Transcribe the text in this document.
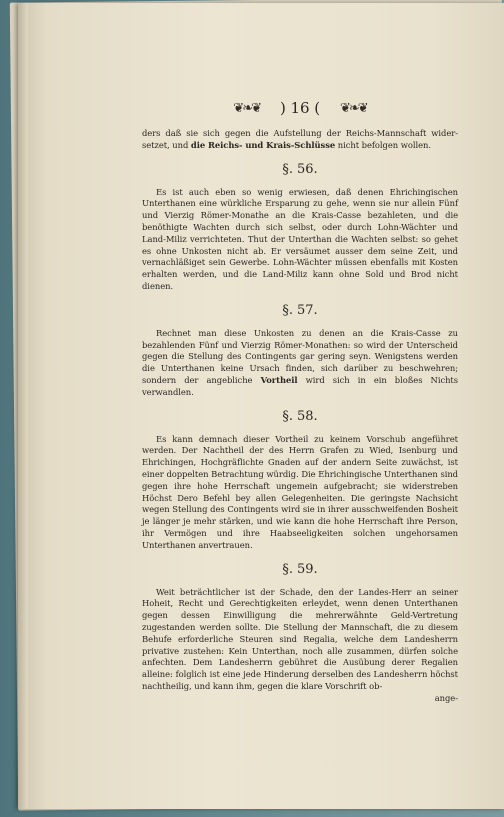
❦❧❦ ) 16 ( ❦❧❦

ders daß sie sich gegen die Aufstellung der Reichs-Mannschaft wider-setzet, und die Reichs- und Krais-Schlüsse nicht befolgen wollen.

§. 56.

Es ist auch eben so wenig erwiesen, daß denen Ehrichingischen Unterthanen eine würkliche Ersparung zu gehe, wenn sie nur allein Fünf und Vierzig Römer-Monathe an die Krais-Casse bezahleten, und die benöthigte Wachten durch sich selbst, oder durch Lohn-Wächter und Land-Miliz verrichteten. Thut der Unterthan die Wachten selbst: so gehet es ohne Unkosten nicht ab. Er versäumet ausser dem seine Zeit, und vernachläßiget sein Gewerbe. Lohn-Wächter müssen ebenfalls mit Kosten erhalten werden, und die Land-Miliz kann ohne Sold und Brod nicht dienen.

§. 57.

Rechnet man diese Unkosten zu denen an die Krais-Casse zu bezahlenden Fünf und Vierzig Römer-Monathen: so wird der Unterscheid gegen die Stellung des Contingents gar gering seyn. Wenigstens werden die Unterthanen keine Ursach finden, sich darüber zu beschwehren; sondern der angebliche Vortheil wird sich in ein bloßes Nichts verwandlen.

§. 58.

Es kann demnach dieser Vortheil zu keinem Vorschub angeführet werden. Der Nachtheil der des Herrn Grafen zu Wied, Isenburg und Ehrichingen, Hochgräflichte Gnaden auf der andern Seite zuwächst, ist einer doppelten Betrachtung würdig. Die Ehrichingische Unterthanen sind gegen ihre hohe Herrschaft ungemein aufgebracht; sie widerstreben Höchst Dero Befehl bey allen Gelegenheiten. Die geringste Nachsicht wegen Stellung des Contingents wird sie in ihrer ausschweifenden Bosheit je länger je mehr stärken, und wie kann die hohe Herrschaft ihre Person, ihr Vermögen und ihre Haabseeligkeiten solchen ungehorsamen Unterthanen anvertrauen.

§. 59.

Weit beträchtlicher ist der Schade, den der Landes-Herr an seiner Hoheit, Recht und Gerechtigkeiten erleydet, wenn denen Unterthanen gegen dessen Einwilligung die mehrerwähnte Geld-Vertretung zugestanden werden sollte. Die Stellung der Mannschaft, die zu diesem Behufe erforderliche Steuren sind Regalia, welche dem Landesherrn privative zustehen: Kein Unterthan, noch alle zusammen, dürfen solche anfechten. Dem Landesherrn gebühret die Ausübung derer Regalien alleine: folglich ist eine jede Hinderung derselben des Landesherrn höchst nachtheilig, und kann ihm, gegen die klare Vorschrift ob-

ange-
